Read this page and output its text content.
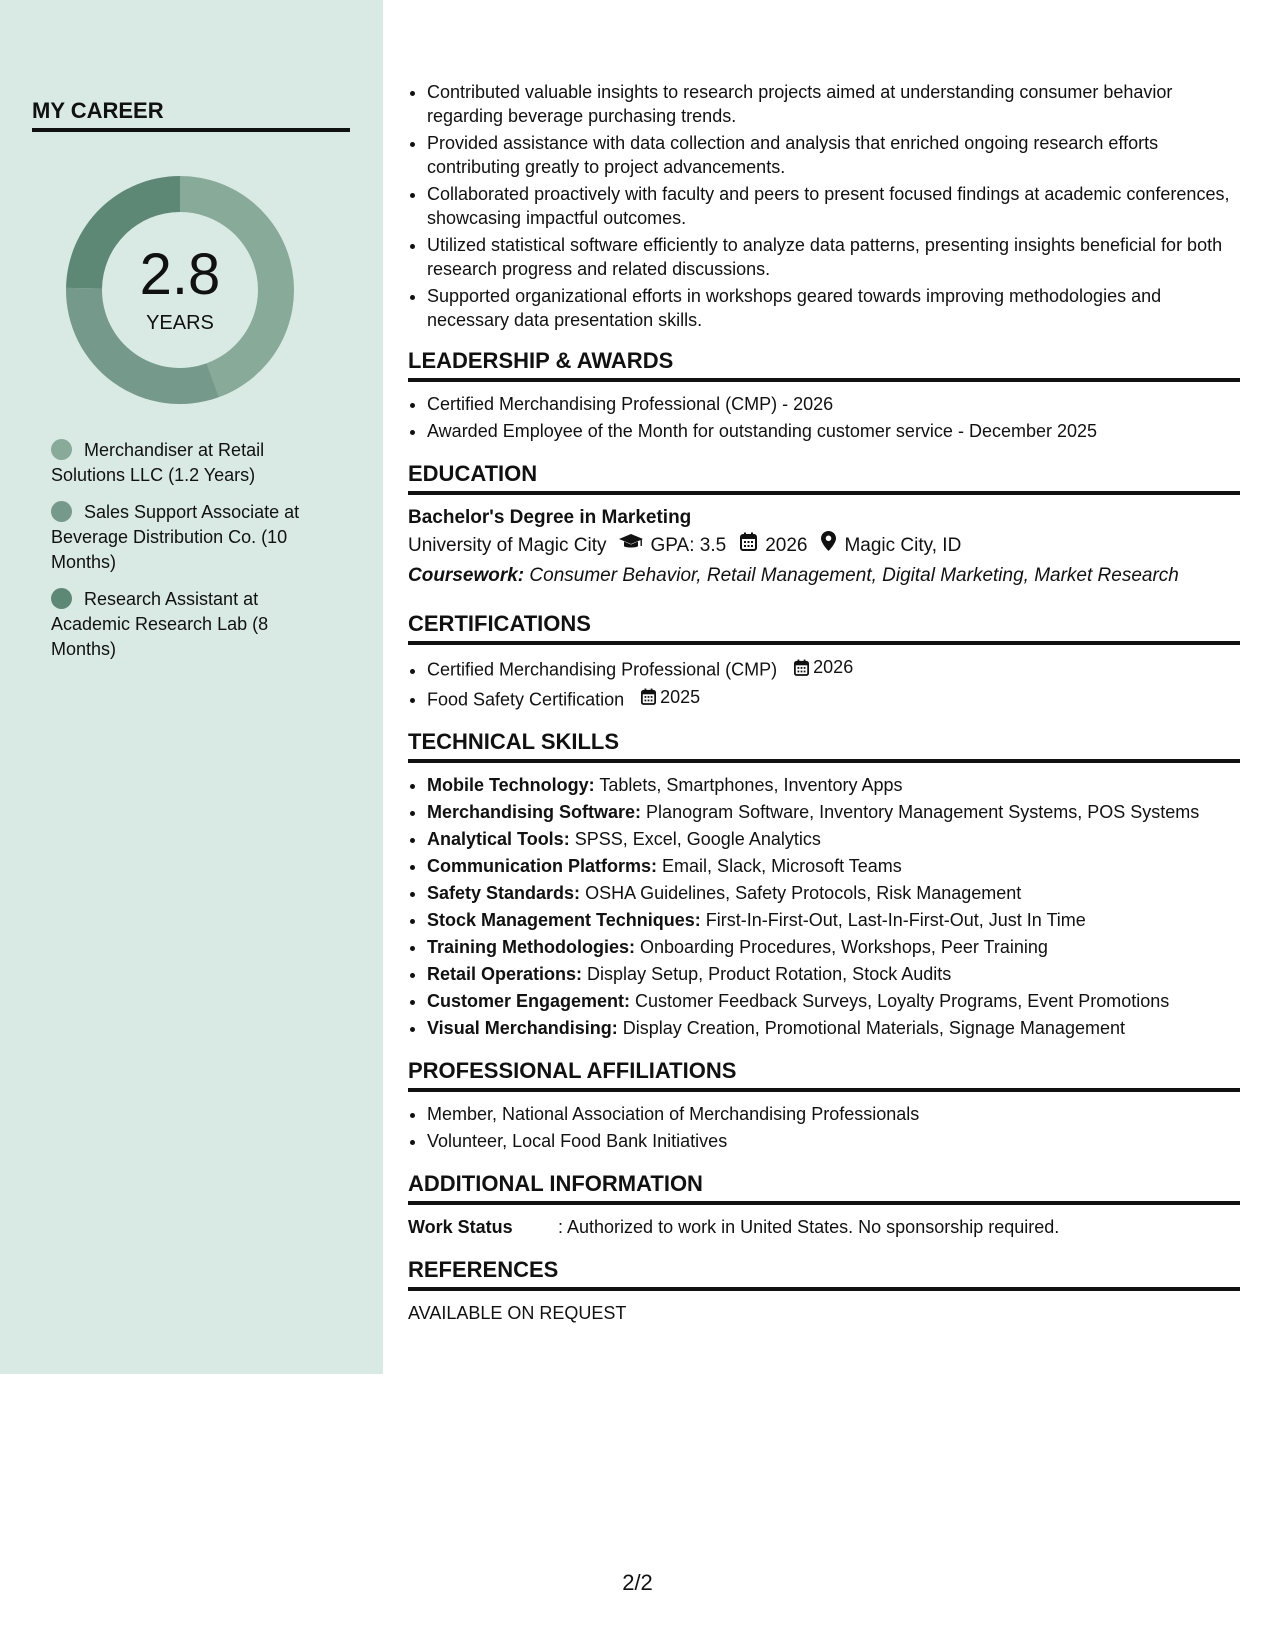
MY CAREER
2.8
YEARS
Merchandiser at Retail Solutions LLC (1.2 Years)
Sales Support Associate at Beverage Distribution Co. (10 Months)
Research Assistant at Academic Research Lab (8 Months)
• Contributed valuable insights to research projects aimed at understanding consumer behavior regarding beverage purchasing trends.
• Provided assistance with data collection and analysis that enriched ongoing research efforts contributing greatly to project advancements.
• Collaborated proactively with faculty and peers to present focused findings at academic conferences, showcasing impactful outcomes.
• Utilized statistical software efficiently to analyze data patterns, presenting insights beneficial for both research progress and related discussions.
• Supported organizational efforts in workshops geared towards improving methodologies and necessary data presentation skills.
LEADERSHIP & AWARDS
• Certified Merchandising Professional (CMP) - 2026
• Awarded Employee of the Month for outstanding customer service - December 2025
EDUCATION
Bachelor's Degree in Marketing
University of Magic City GPA: 3.5 2026 Magic City, ID
Coursework: Consumer Behavior, Retail Management, Digital Marketing, Market Research
CERTIFICATIONS
• Certified Merchandising Professional (CMP) 2026
• Food Safety Certification 2025
TECHNICAL SKILLS
• Mobile Technology: Tablets, Smartphones, Inventory Apps
• Merchandising Software: Planogram Software, Inventory Management Systems, POS Systems
• Analytical Tools: SPSS, Excel, Google Analytics
• Communication Platforms: Email, Slack, Microsoft Teams
• Safety Standards: OSHA Guidelines, Safety Protocols, Risk Management
• Stock Management Techniques: First-In-First-Out, Last-In-First-Out, Just In Time
• Training Methodologies: Onboarding Procedures, Workshops, Peer Training
• Retail Operations: Display Setup, Product Rotation, Stock Audits
• Customer Engagement: Customer Feedback Surveys, Loyalty Programs, Event Promotions
• Visual Merchandising: Display Creation, Promotional Materials, Signage Management
PROFESSIONAL AFFILIATIONS
• Member, National Association of Merchandising Professionals
• Volunteer, Local Food Bank Initiatives
ADDITIONAL INFORMATION
Work Status	: Authorized to work in United States. No sponsorship required.
REFERENCES
AVAILABLE ON REQUEST
2/2
